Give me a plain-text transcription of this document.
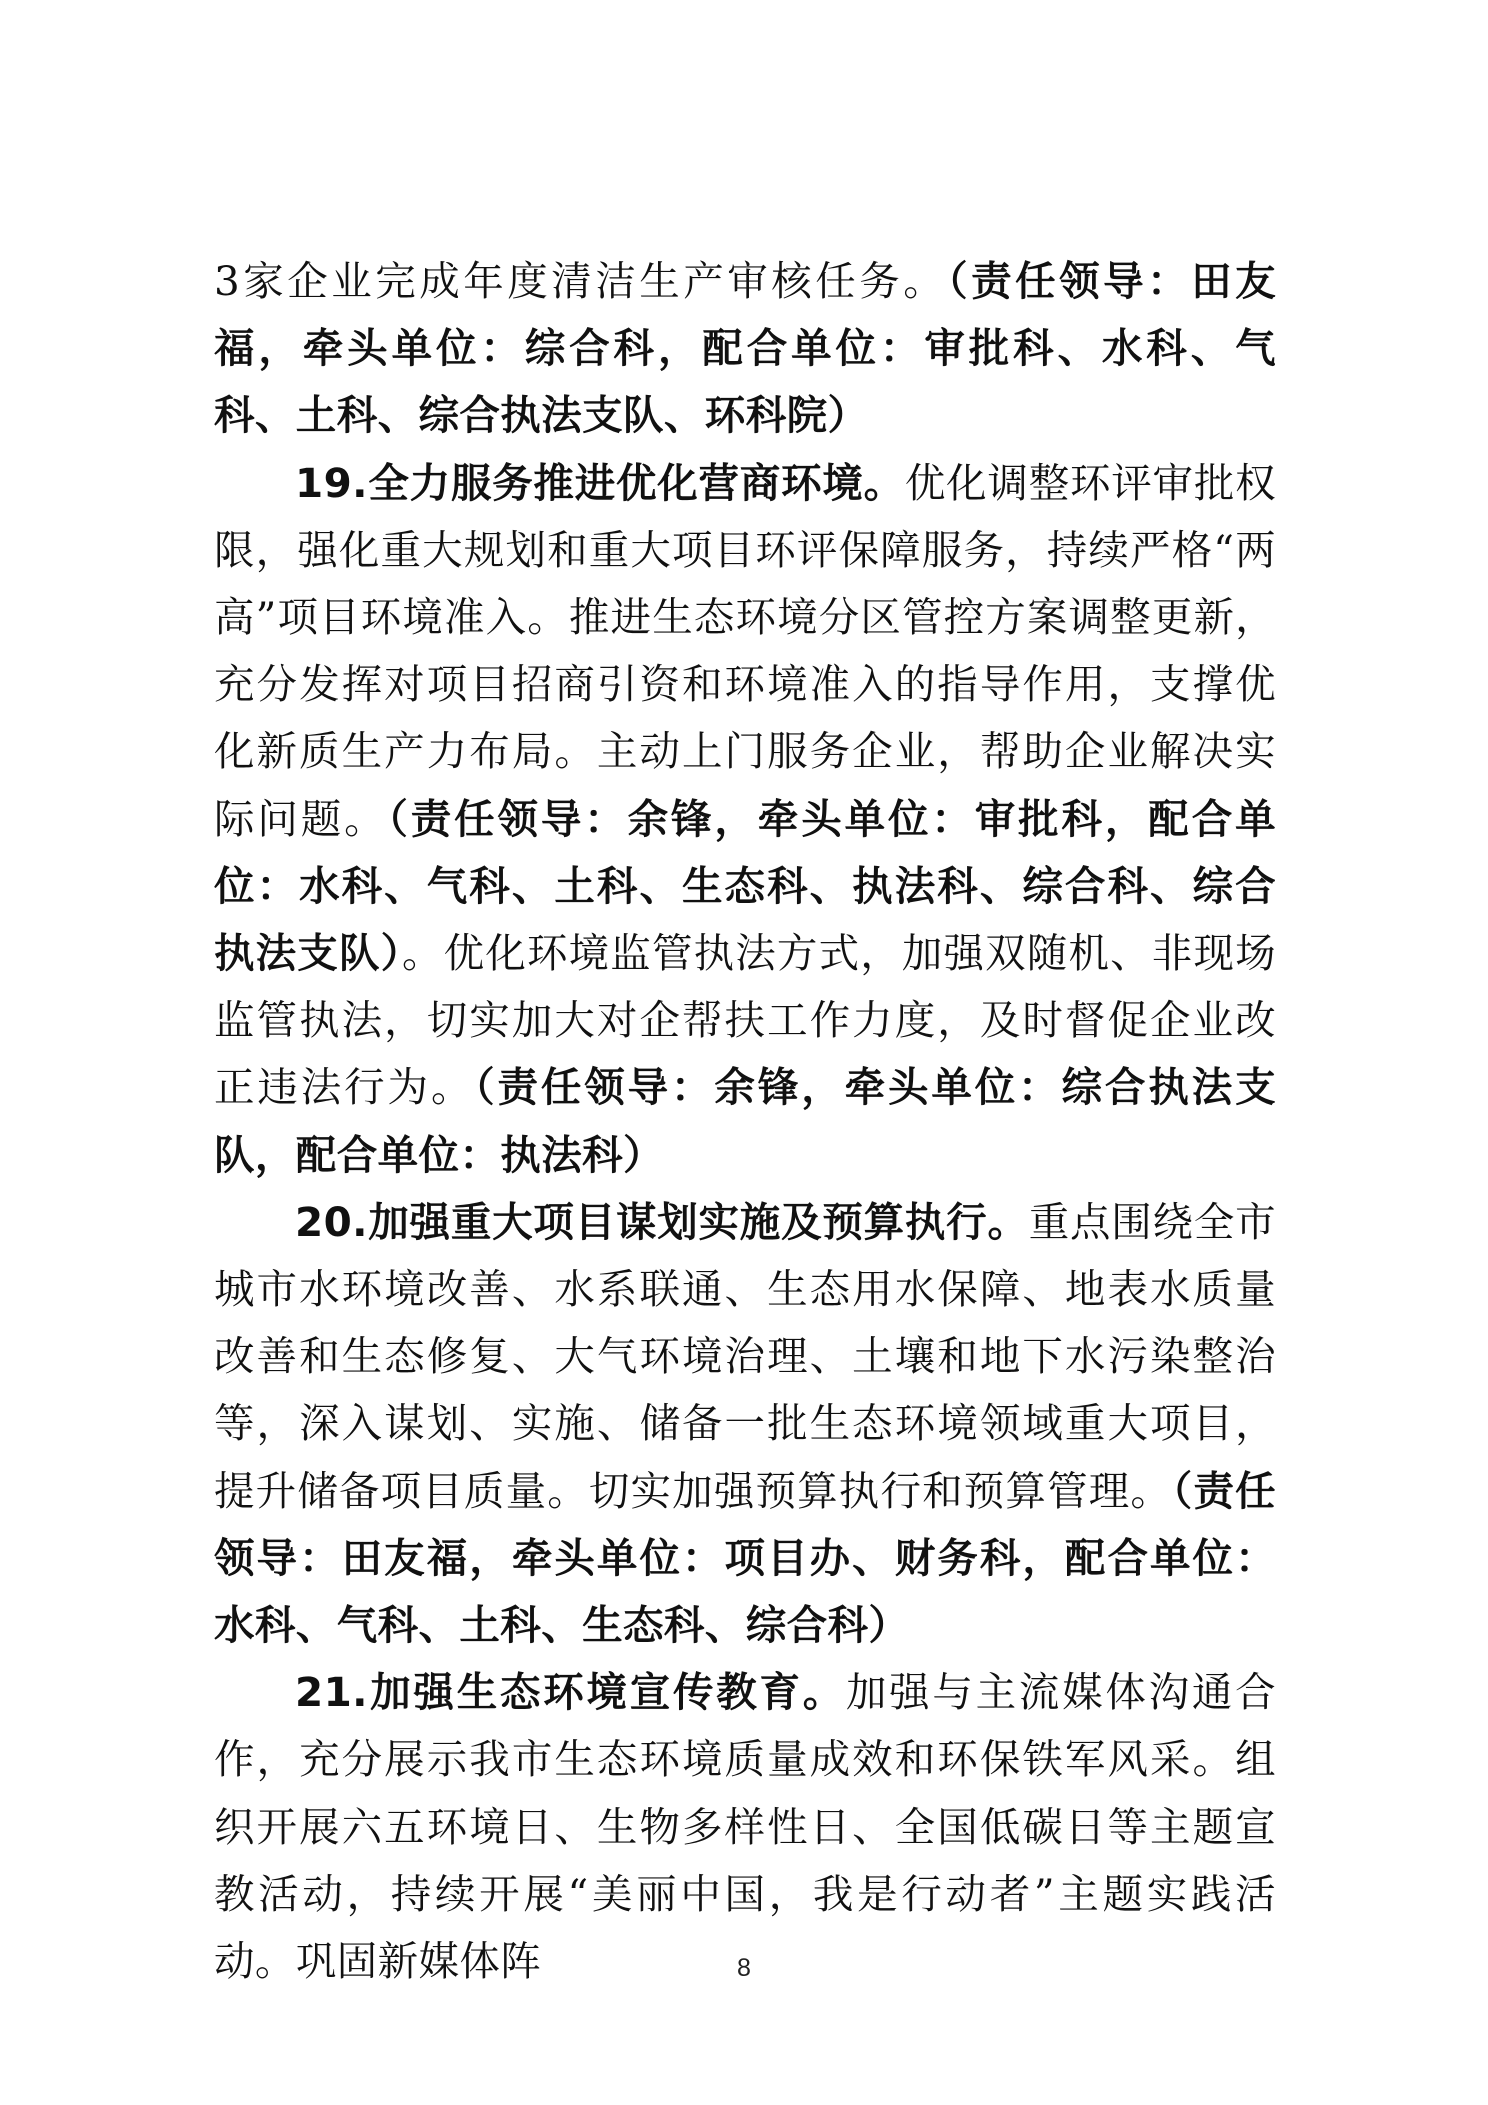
3家企业完成年度清洁生产审核任务。（责任领导：田友福，牵头单位：综合科，配合单位：审批科、水科、气科、土科、综合执法支队、环科院）

19.全力服务推进优化营商环境。优化调整环评审批权限，强化重大规划和重大项目环评保障服务，持续严格“两高”项目环境准入。推进生态环境分区管控方案调整更新，充分发挥对项目招商引资和环境准入的指导作用，支撑优化新质生产力布局。主动上门服务企业，帮助企业解决实际问题。（责任领导：余锋，牵头单位：审批科，配合单位：水科、气科、土科、生态科、执法科、综合科、综合执法支队）。优化环境监管执法方式，加强双随机、非现场监管执法，切实加大对企帮扶工作力度，及时督促企业改正违法行为。（责任领导：余锋，牵头单位：综合执法支队，配合单位：执法科）

20.加强重大项目谋划实施及预算执行。重点围绕全市城市水环境改善、水系联通、生态用水保障、地表水质量改善和生态修复、大气环境治理、土壤和地下水污染整治等，深入谋划、实施、储备一批生态环境领域重大项目，提升储备项目质量。切实加强预算执行和预算管理。（责任领导：田友福，牵头单位：项目办、财务科，配合单位：水科、气科、土科、生态科、综合科）

21.加强生态环境宣传教育。加强与主流媒体沟通合作，充分展示我市生态环境质量成效和环保铁军风采。组织开展六五环境日、生物多样性日、全国低碳日等主题宣教活动，持续开展“美丽中国，我是行动者”主题实践活动。巩固新媒体阵	8
